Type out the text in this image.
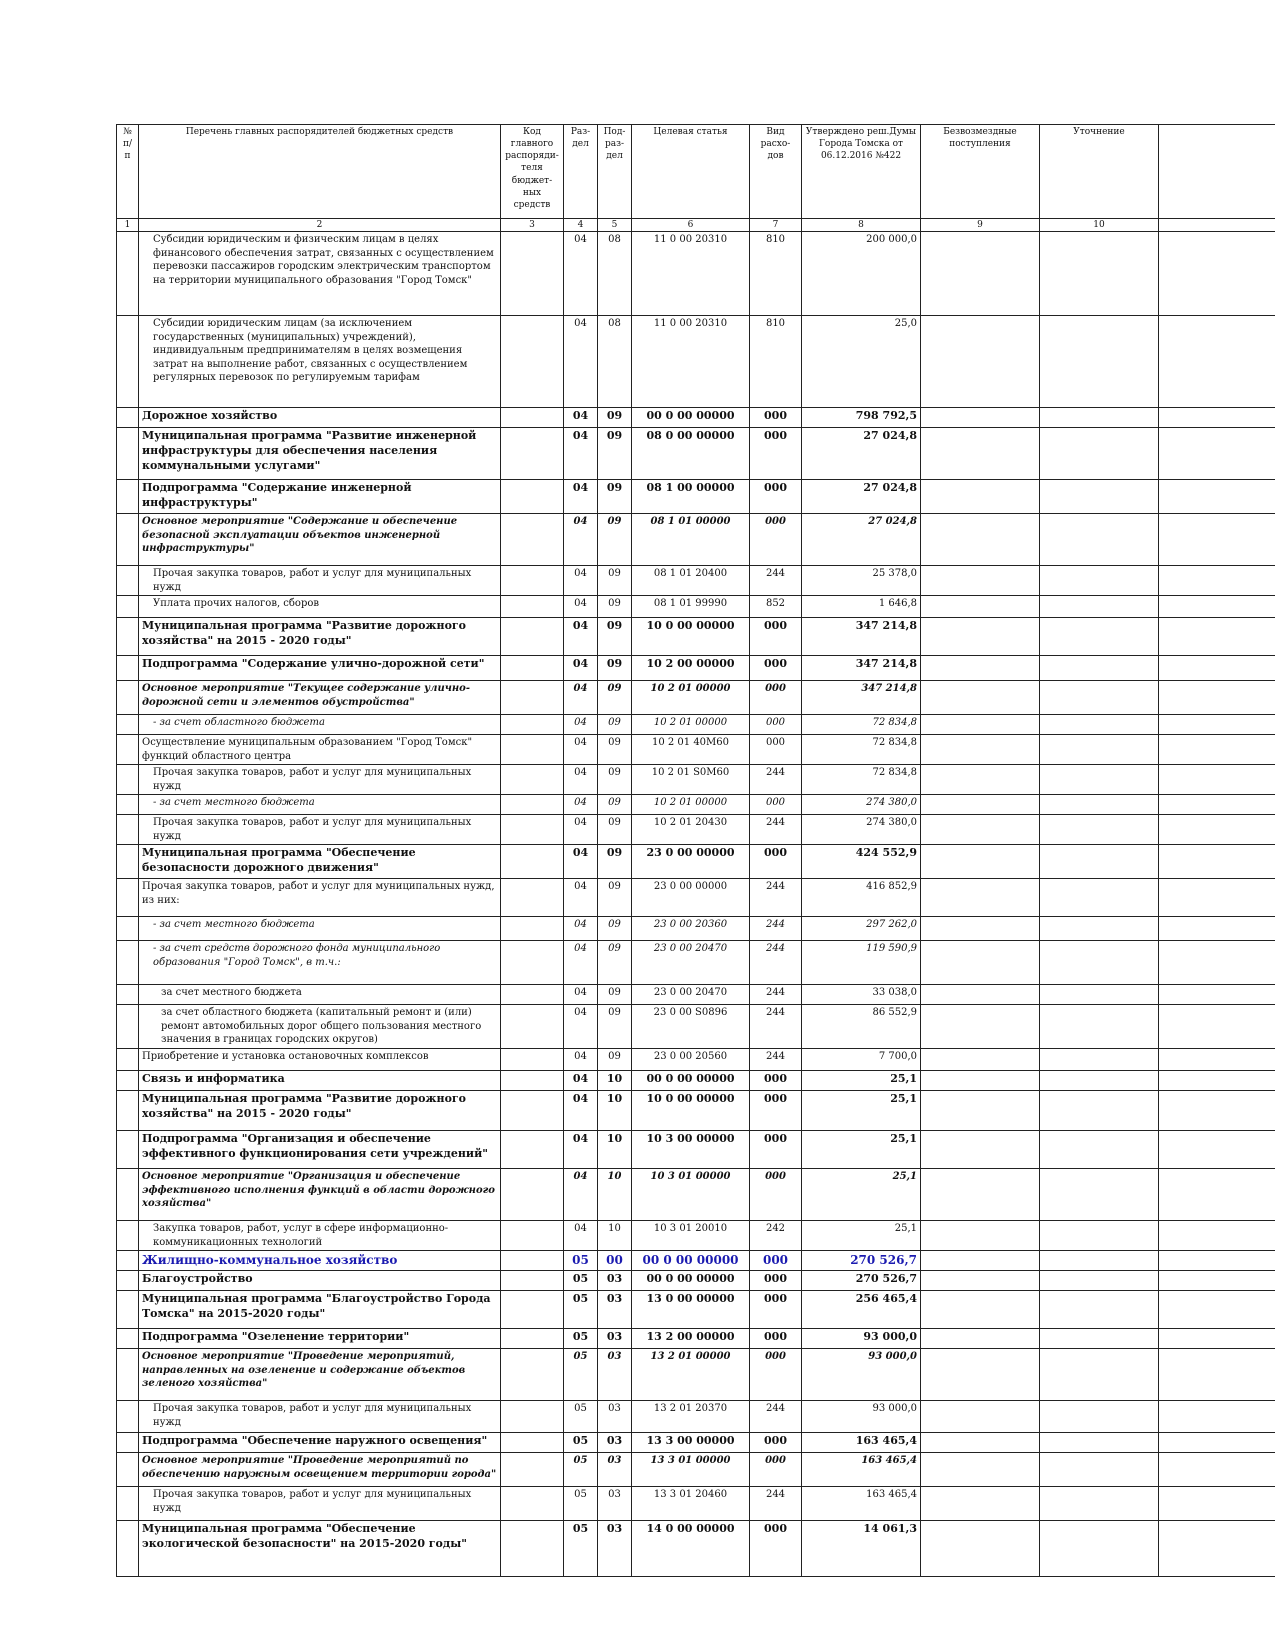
№ п/п	Перечень главных распорядителей бюджетных средств	Код главного распоряди-теля бюджет-ных средств	Раз-дел	Под-раз-дел	Целевая статья	Вид расхо-дов	Утверждено реш.Думы Города Томска от 06.12.2016 №422	Безвозмездные поступления	Уточнение	
1	2	3	4	5	6	7	8	9	10	
	Субсидии юридическим и физическим лицам в целях финансового обеспечения затрат, связанных с осуществлением перевозки пассажиров городским электрическим транспортом на территории муниципального образования "Город Томск"		04	08	11 0 00 20310	810	200 000,0			
	Субсидии юридическим лицам (за исключением государственных (муниципальных) учреждений), индивидуальным предпринимателям в целях возмещения затрат на выполнение работ, связанных с осуществлением регулярных перевозок по регулируемым тарифам		04	08	11 0 00 20310	810	25,0			
	Дорожное хозяйство		04	09	00 0 00 00000	000	798 792,5			
	Муниципальная программа "Развитие инженерной инфраструктуры для обеспечения населения коммунальными услугами"		04	09	08 0 00 00000	000	27 024,8			
	Подпрограмма "Содержание инженерной инфраструктуры"		04	09	08 1 00 00000	000	27 024,8			
	Основное мероприятие "Содержание и обеспечение безопасной эксплуатации объектов инженерной инфраструктуры"		04	09	08 1 01 00000	000	27 024,8			
	Прочая закупка товаров, работ и услуг для муниципальных нужд		04	09	08 1 01 20400	244	25 378,0			
	Уплата прочих налогов, сборов		04	09	08 1 01 99990	852	1 646,8			
	Муниципальная программа "Развитие дорожного хозяйства" на 2015 - 2020 годы"		04	09	10 0 00 00000	000	347 214,8			
	Подпрограмма "Содержание улично-дорожной сети"		04	09	10 2 00 00000	000	347 214,8			
	Основное мероприятие "Текущее содержание улично-дорожной сети и элементов обустройства"		04	09	10 2 01 00000	000	347 214,8			
	- за счет областного бюджета		04	09	10 2 01 00000	000	72 834,8			
	Осуществление муниципальным образованием "Город Томск" функций областного центра		04	09	10 2 01 40М60	000	72 834,8			
	Прочая закупка товаров, работ и услуг для муниципальных нужд		04	09	10 2 01 S0М60	244	72 834,8			
	- за счет местного бюджета		04	09	10 2 01 00000	000	274 380,0			
	Прочая закупка товаров, работ и услуг для муниципальных нужд		04	09	10 2 01 20430	244	274 380,0			
	Муниципальная программа "Обеспечение безопасности дорожного движения"		04	09	23 0 00 00000	000	424 552,9			
	Прочая закупка товаров, работ и услуг для муниципальных нужд, из них:		04	09	23 0 00 00000	244	416 852,9			
	- за счет местного бюджета		04	09	23 0 00 20360	244	297 262,0			
	- за счет средств дорожного фонда муниципального образования "Город Томск", в т.ч.:		04	09	23 0 00 20470	244	119 590,9			
	за счет местного бюджета		04	09	23 0 00 20470	244	33 038,0			
	за счет областного бюджета (капитальный ремонт и (или) ремонт автомобильных дорог общего пользования местного значения в границах городских округов)		04	09	23 0 00 S0896	244	86 552,9			
	Приобретение и установка остановочных комплексов		04	09	23 0 00 20560	244	7 700,0			
	Связь и информатика		04	10	00 0 00 00000	000	25,1			
	Муниципальная программа "Развитие дорожного хозяйства" на 2015 - 2020 годы"		04	10	10 0 00 00000	000	25,1			
	Подпрограмма "Организация и обеспечение эффективного функционирования сети учреждений"		04	10	10 3 00 00000	000	25,1			
	Основное мероприятие "Организация и обеспечение эффективного исполнения функций в области дорожного хозяйства"		04	10	10 3 01 00000	000	25,1			
	Закупка товаров, работ, услуг в сфере информационно-коммуникационных технологий		04	10	10 3 01 20010	242	25,1			
	Жилищно-коммунальное хозяйство		05	00	00 0 00 00000	000	270 526,7			
	Благоустройство		05	03	00 0 00 00000	000	270 526,7			
	Муниципальная программа "Благоустройство Города Томска" на 2015-2020 годы"		05	03	13 0 00 00000	000	256 465,4			
	Подпрограмма "Озеленение территории"		05	03	13 2 00 00000	000	93 000,0			
	Основное мероприятие "Проведение мероприятий, направленных на озеленение и содержание объектов зеленого хозяйства"		05	03	13 2 01 00000	000	93 000,0			
	Прочая закупка товаров, работ и услуг для муниципальных нужд		05	03	13 2 01 20370	244	93 000,0			
	Подпрограмма "Обеспечение наружного освещения"		05	03	13 3 00 00000	000	163 465,4			
	Основное мероприятие "Проведение мероприятий по обеспечению наружным освещением территории города"		05	03	13 3 01 00000	000	163 465,4			
	Прочая закупка товаров, работ и услуг для муниципальных нужд		05	03	13 3 01 20460	244	163 465,4			
	Муниципальная программа "Обеспечение экологической безопасности" на 2015-2020 годы"		05	03	14 0 00 00000	000	14 061,3			
